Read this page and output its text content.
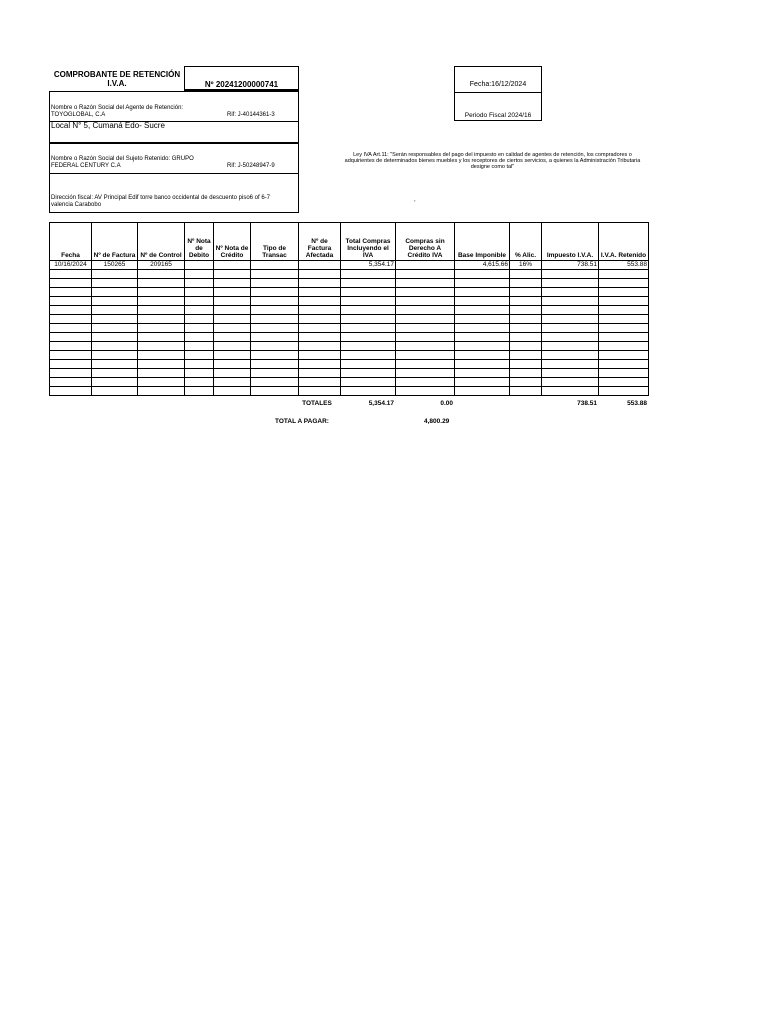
COMPROBANTE DE RETENCIÓN
I.V.A.	Nº 20241200000741	Fecha:16/12/2024
Periodo Fiscal 2024/16
Nombre o Razón Social del Agente de Retención:
TOYOGLOBAL, C.A	Rif: J-40144361-3
Local N° 5, Cumaná Edo- Sucre
Nombre o Razón Social del Sujeto Retenido: GRUPO
FEDERAL CENTURY C.A	Rif: J-50248947-9
Dirección fiscal: AV Principal Edif torre banco occidental de descuento piso6 of 6-7
valencia Carabobo
Ley IVA Art.11: "Serán responsables del pago del impuesto en calidad de agentes de retención, los compradores o adquirientes de determinados bienes muebles y los receptores de ciertos servicios, a quienes la Administración Tributaria designe como tal"
,
Fecha	Nº de Factura	Nº de Control	Nº Nota de Debito	Nº Nota de Crédito	Tipo de Transac	Nº de Factura Afectada	Total Compras Incluyendo el IVA	Compras sin Derecho A Crédito IVA	Base Imponible	% Alic.	Impuesto I.V.A.	I.V.A. Retenido
10/16/2024	150265	209165					5,354.17		4,615.66	16%	738.51	553.88

TOTALES	5,354.17	0.00	738.51	553.88
TOTAL A PAGAR:	4,800.29
